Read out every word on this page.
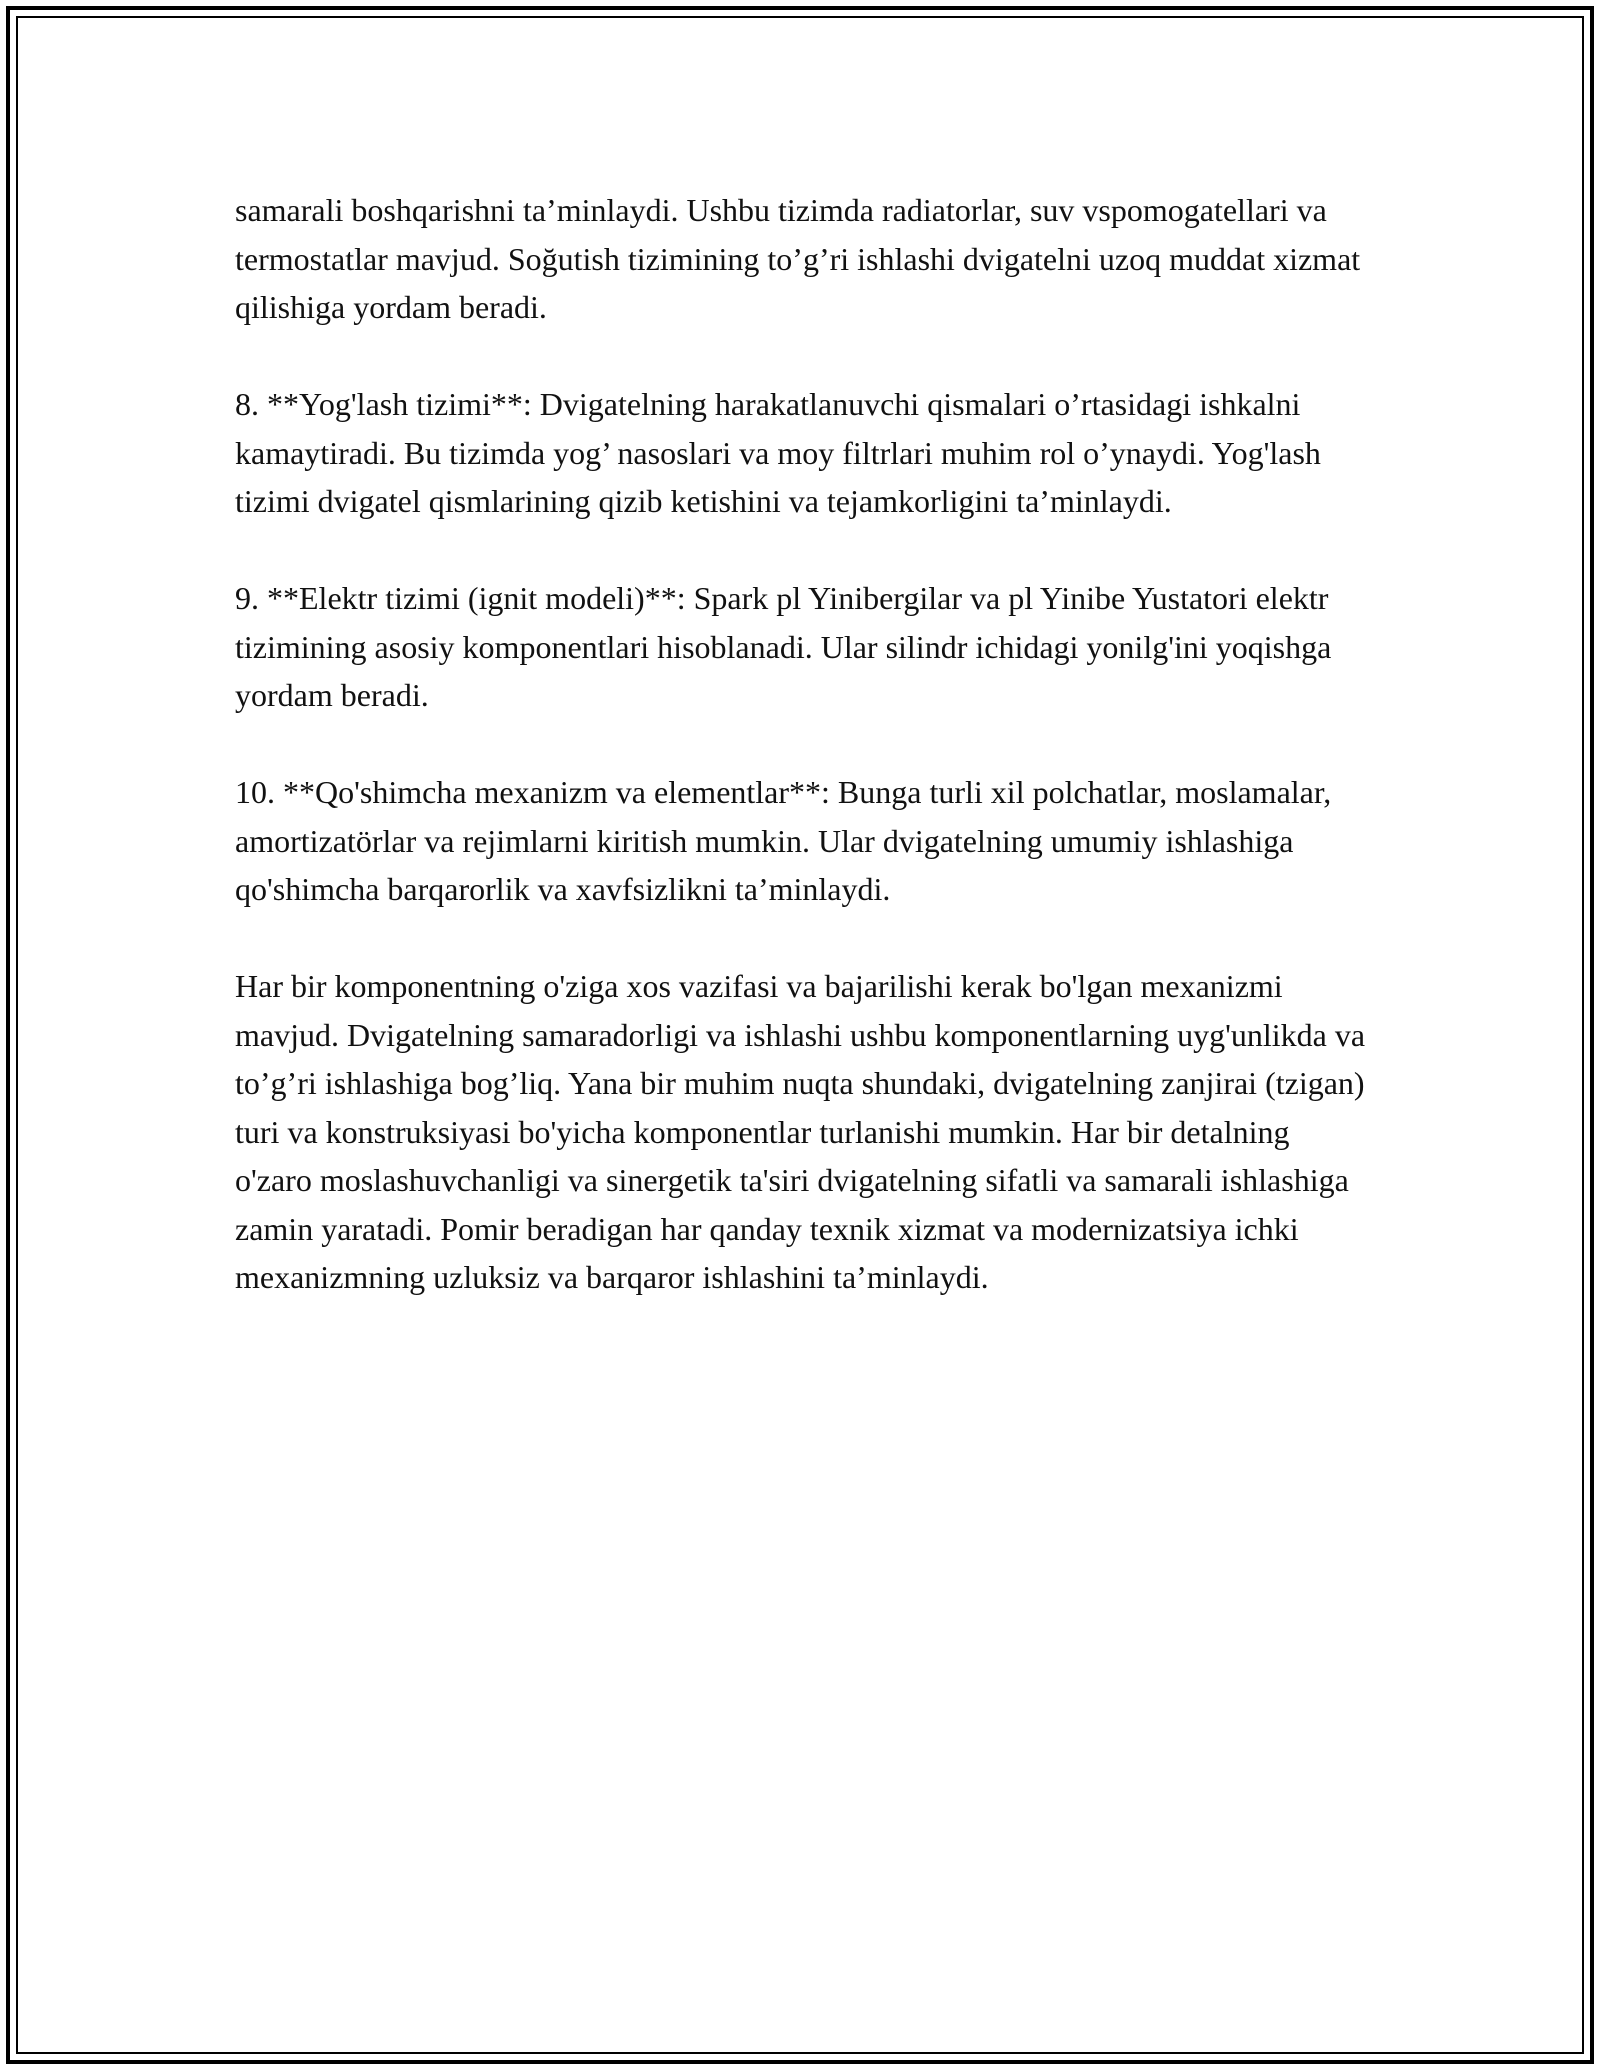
samarali boshqarishni ta’minlaydi. Ushbu tizimda radiatorlar, suv vspomogatellari va termostatlar mavjud. Soğutish tizimining to’g’ri ishlashi dvigatelni uzoq muddat xizmat qilishiga yordam beradi.

8. **Yog'lash tizimi**: Dvigatelning harakatlanuvchi qismalari o’rtasidagi ishkalni kamaytiradi. Bu tizimda yog’ nasoslari va moy filtrlari muhim rol o’ynaydi. Yog'lash tizimi dvigatel qismlarining qizib ketishini va tejamkorligini ta’minlaydi.

9. **Elektr tizimi (ignit modeli)**: Spark pl Yinibergilar va pl Yinibe Yustatori elektr tizimining asosiy komponentlari hisoblanadi. Ular silindr ichidagi yonilg'ini yoqishga yordam beradi.

10. **Qo'shimcha mexanizm va elementlar**: Bunga turli xil polchatlar, moslamalar, amortizatörlar va rejimlarni kiritish mumkin. Ular dvigatelning umumiy ishlashiga qo'shimcha barqarorlik va xavfsizlikni ta’minlaydi.

Har bir komponentning o'ziga xos vazifasi va bajarilishi kerak bo'lgan mexanizmi mavjud. Dvigatelning samaradorligi va ishlashi ushbu komponentlarning uyg'unlikda va to’g’ri ishlashiga bog’liq. Yana bir muhim nuqta shundaki, dvigatelning zanjirai (tzigan) turi va konstruksiyasi bo'yicha komponentlar turlanishi mumkin. Har bir detalning o'zaro moslashuvchanligi va sinergetik ta'siri dvigatelning sifatli va samarali ishlashiga zamin yaratadi. Pomir beradigan har qanday texnik xizmat va modernizatsiya ichki mexanizmning uzluksiz va barqaror ishlashini ta’minlaydi.
